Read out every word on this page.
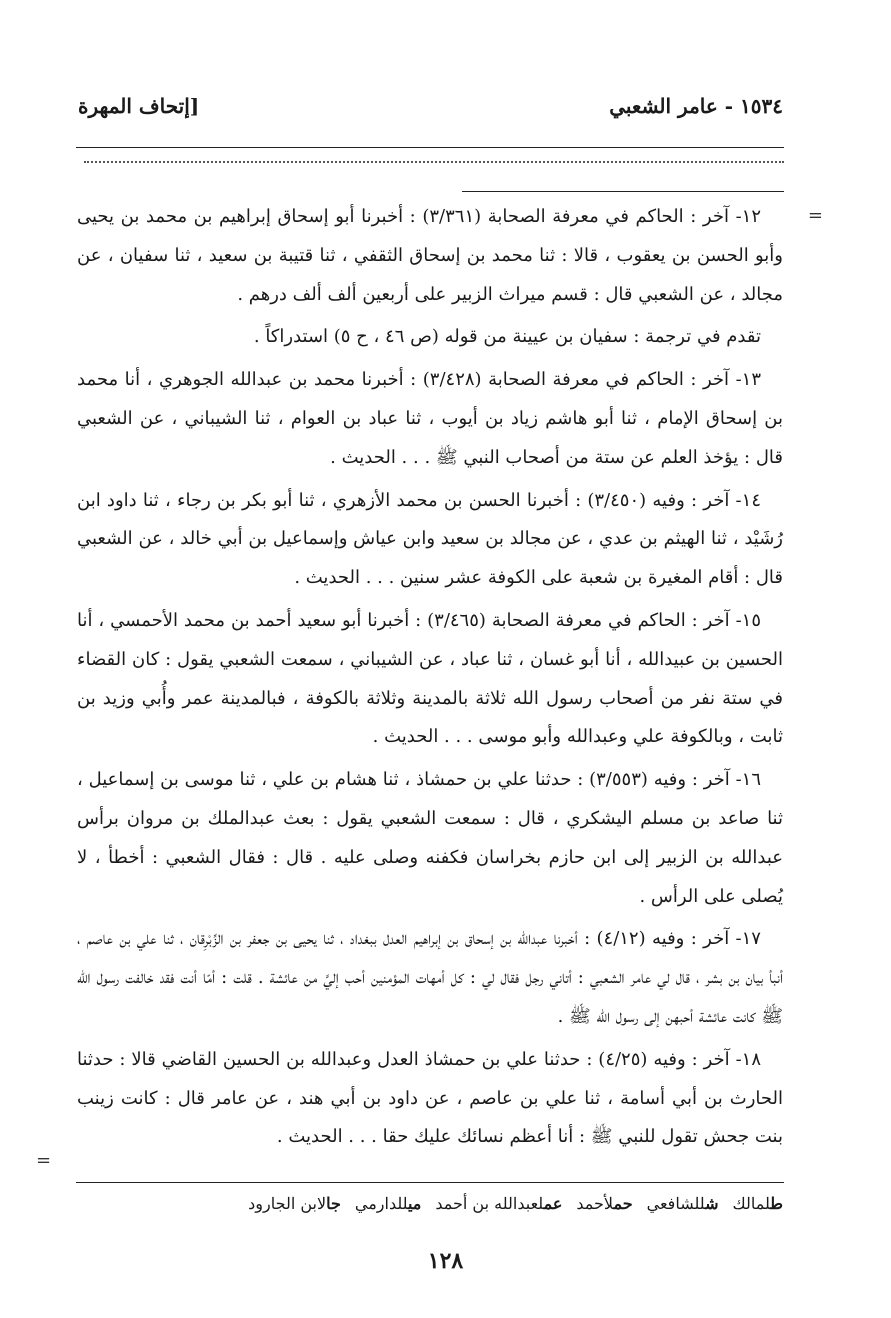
١٥٣٤ - عامر الشعبي
[إتحاف المهرة
=
=

١٢- آخر : الحاكم في معرفة الصحابة (٣/٣٦١) : أخبرنا أبو إسحاق إبراهيم بن محمد بن يحيى وأبو الحسن بن يعقوب ، قالا : ثنا محمد بن إسحاق الثقفي ، ثنا قتيبة بن سعيد ، ثنا سفيان ، عن مجالد ، عن الشعبي قال : قسم ميراث الزبير على أربعين ألف ألف درهم .

تقدم في ترجمة : سفيان بن عيينة من قوله (ص ٤٦ ، ح ٥) استدراكاً .

١٣- آخر : الحاكم في معرفة الصحابة (٣/٤٢٨) : أخبرنا محمد بن عبدالله الجوهري ، أنا محمد بن إسحاق الإمام ، ثنا أبو هاشم زياد بن أيوب ، ثنا عباد بن العوام ، ثنا الشيباني ، عن الشعبي قال : يؤخذ العلم عن ستة من أصحاب النبي ﷺ . . . الحديث .

١٤- آخر : وفيه (٣/٤٥٠) : أخبرنا الحسن بن محمد الأزهري ، ثنا أبو بكر بن رجاء ، ثنا داود ابن رُشَيْد ، ثنا الهيثم بن عدي ، عن مجالد بن سعيد وابن عياش وإسماعيل بن أبي خالد ، عن الشعبي قال : أقام المغيرة بن شعبة على الكوفة عشر سنين . . . الحديث .

١٥- آخر : الحاكم في معرفة الصحابة (٣/٤٦٥) : أخبرنا أبو سعيد أحمد بن محمد الأحمسي ، أنا الحسين بن عبيدالله ، أنا أبو غسان ، ثنا عباد ، عن الشيباني ، سمعت الشعبي يقول : كان القضاء في ستة نفر من أصحاب رسول الله ثلاثة بالمدينة وثلاثة بالكوفة ، فبالمدينة عمر وأُبي وزيد بن ثابت ، وبالكوفة علي وعبدالله وأبو موسى . . . الحديث .

١٦- آخر : وفيه (٣/٥٥٣) : حدثنا علي بن حمشاذ ، ثنا هشام بن علي ، ثنا موسى بن إسماعيل ، ثنا صاعد بن مسلم اليشكري ، قال : سمعت الشعبي يقول : بعث عبدالملك بن مروان برأس عبدالله بن الزبير إلى ابن حازم بخراسان فكفنه وصلى عليه . قال : فقال الشعبي : أخطأ ، لا يُصلى على الرأس .

١٧- آخر : وفيه (٤/١٢) : أخبرنا عبدالله بن إسحاق بن إبراهيم العدل ببغداد ، ثنا يحيى بن جعفر بن الزِّبْرِقان ، ثنا علي بن عاصم ، أنبأ بيان بن بشر ، قال لي عامر الشعبي : أتاني رجل فقال لي : كل أمهات المؤمنين أحب إليَّ من عائشة . قلت : أمّا أنت فقد خالفت رسول الله ﷺ كانت عائشة أحبهن إلى رسول الله ﷺ .

١٨- آخر : وفيه (٤/٢٥) : حدثنا علي بن حمشاذ العدل وعبدالله بن الحسين القاضي قالا : حدثنا الحارث بن أبي أسامة ، ثنا علي بن عاصم ، عن داود بن أبي هند ، عن عامر قال : كانت زينب بنت جحش تقول للنبي ﷺ : أنا أعظم نسائك عليك حقا . . . الحديث .

طلمالك
شللشافعي
حملأحمد
عملعبدالله بن أحمد
ميللدارمي
جالابن الجارود
١٢٨
